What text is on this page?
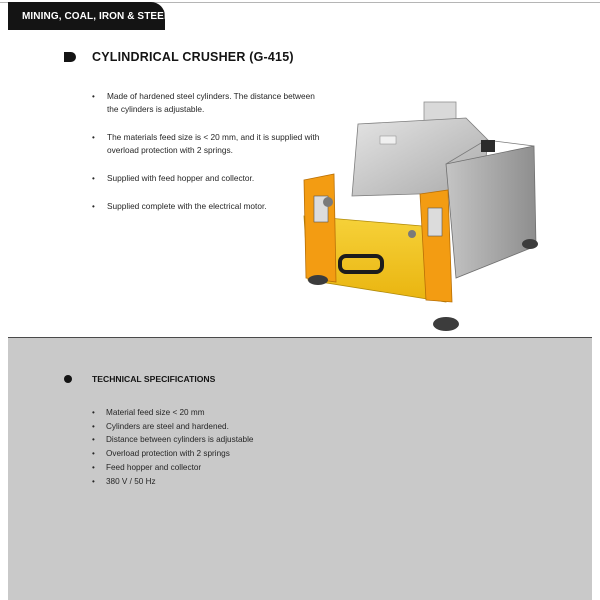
MINING, COAL, IRON & STEEL
CYLINDRICAL CRUSHER (G-415)
• Made of hardened steel cylinders. The distance between the cylinders is adjustable.
• The materials feed size is < 20 mm, and it is supplied with overload protection with 2 springs.
• Supplied with feed hopper and collector.
• Supplied complete with the electrical motor.
TECHNICAL SPECIFICATIONS
• Material feed size < 20 mm
• Cylinders are steel and hardened.
• Distance between cylinders is adjustable
• Overload protection with 2 springs
• Feed hopper and collector
• 380 V / 50 Hz
